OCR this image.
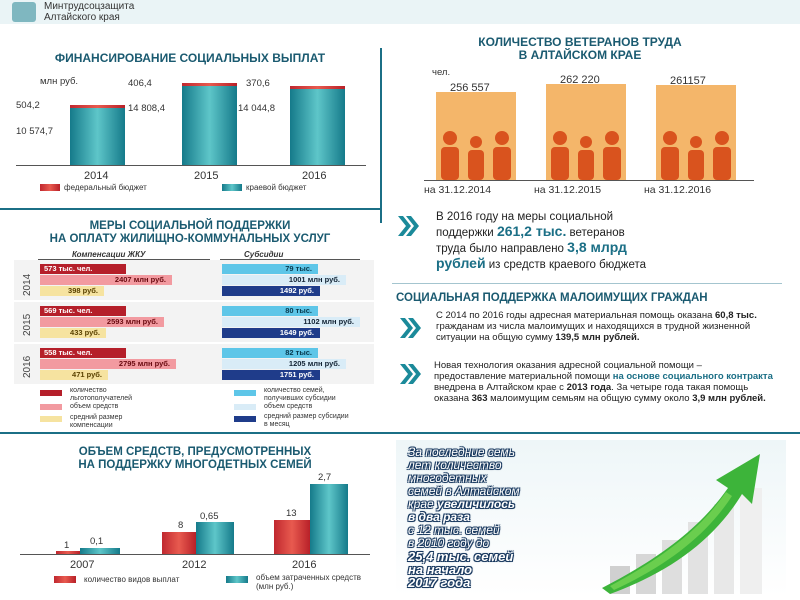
Минтрудсоцзащита
Алтайского края
ФИНАНСИРОВАНИЕ СОЦИАЛЬНЫХ ВЫПЛАТ
млн руб.
504,2
10 574,7
406,4
14 808,4
370,6
14 044,8
2014	2015	2016
федеральный бюджет	краевой бюджет
КОЛИЧЕСТВО ВЕТЕРАНОВ ТРУДА
В АЛТАЙСКОМ КРАЕ
чел.
256 557
262 220	261157
на 31.12.2014	на 31.12.2015	на 31.12.2016
В 2016 году на меры социальной
поддержки 261,2 тыс. ветеранов
труда было направлено 3,8 млрд
рублей из средств краевого бюджета
МЕРЫ СОЦИАЛЬНОЙ ПОДДЕРЖКИ
НА ОПЛАТУ ЖИЛИЩНО-КОММУНАЛЬНЫХ УСЛУГ
Компенсации ЖКУ	Субсидии
2014
573 тыс. чел.
2407 млн руб.
398 руб.
79 тыс.
1001 млн руб.
1492 руб.
2015
569 тыс. чел.
2593 млн руб.
433 руб.
80 тыс.
1102 млн руб.
1649 руб.
2016
558 тыс. чел.
2795 млн руб.
471 руб.
82 тыс.
1205 млн руб.
1751 руб.
количество льготополучателей
объем средств
средний размер компенсации
количество семей, получивших субсидии
объем средств
средний размер субсидии в месяц
СОЦИАЛЬНАЯ ПОДДЕРЖКА МАЛОИМУЩИХ ГРАЖДАН
С 2014 по 2016 годы адресная материальная помощь оказана 60,8 тыс. гражданам из числа малоимущих и находящихся в трудной жизненной ситуации на общую сумму 139,5 млн рублей.
Новая технология оказания адресной социальной помощи – предоставление материальной помощи на основе социального контракта внедрена в Алтайском крае с 2013 года. За четыре года такая помощь оказана 363 малоимущим семьям на общую сумму около 3,9 млн рублей.
ОБЪЕМ СРЕДСТВ, ПРЕДУСМОТРЕННЫХ
НА ПОДДЕРЖКУ МНОГОДЕТНЫХ СЕМЕЙ
1 0,1
8
0,65	13
2,7
2007	2012	2016
количество видов выплат	объем затраченных средств (млн руб.)
За последние семь
лет количество
многодетных
семей в Алтайском
крае увеличилось
в два раза
с 12 тыс. семей
в 2010 году до
25,4 тыс. семей
на начало
2017 года
